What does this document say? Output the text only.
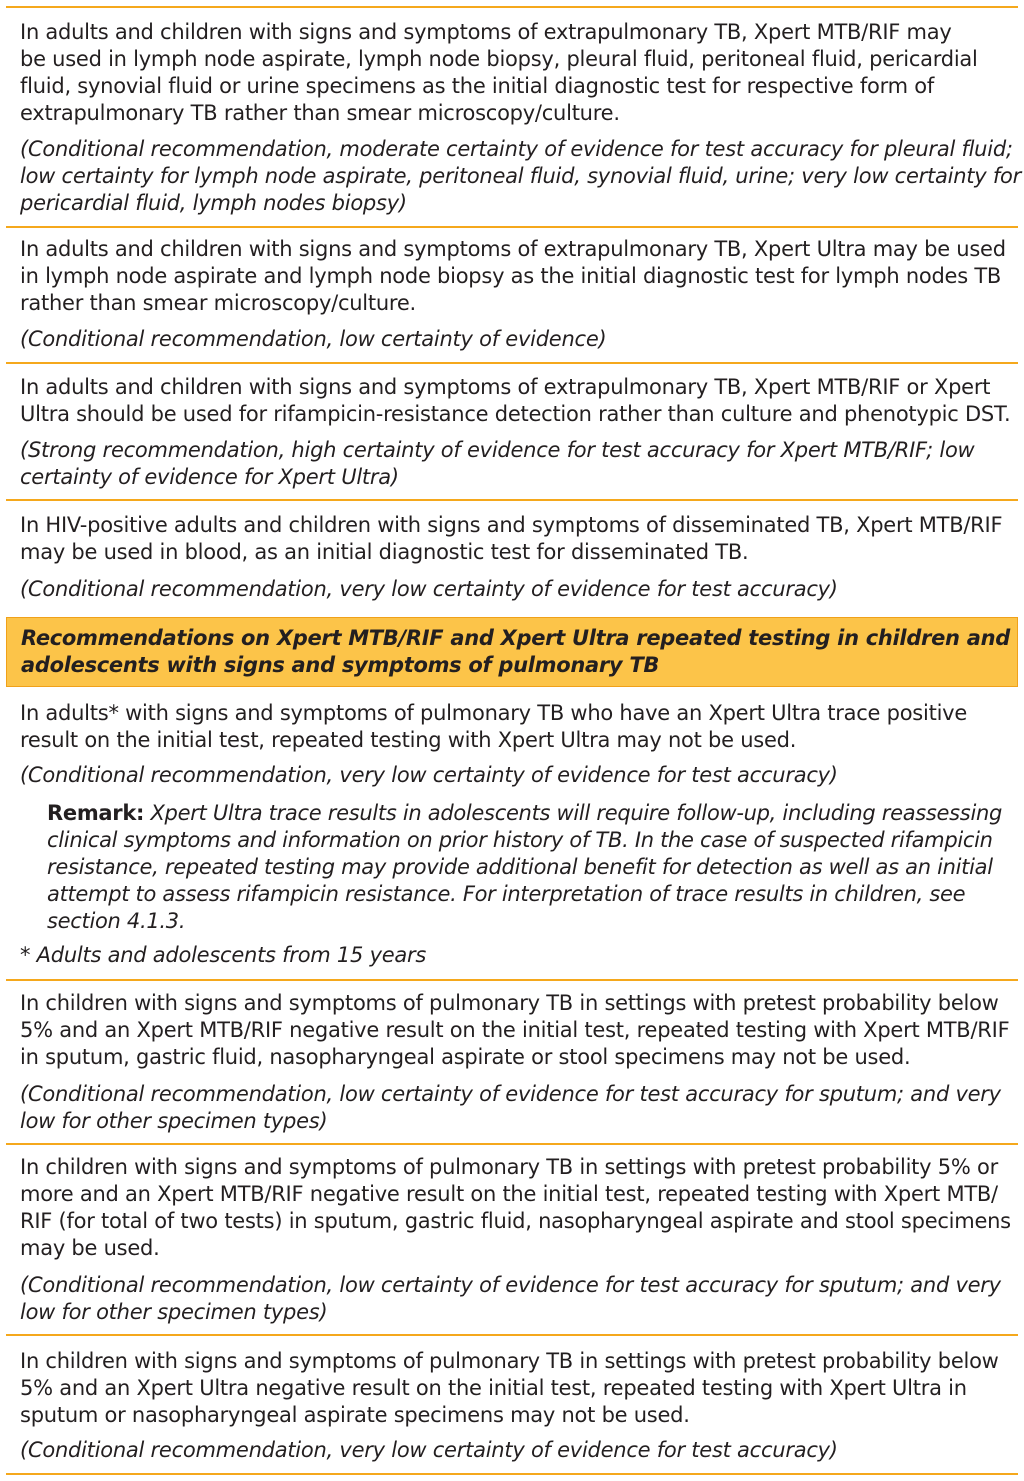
In adults and children with signs and symptoms of extrapulmonary TB, Xpert MTB/RIF may

be used in lymph node aspirate, lymph node biopsy, pleural fluid, peritoneal fluid, pericardial

fluid, synovial fluid or urine specimens as the initial diagnostic test for respective form of

extrapulmonary TB rather than smear microscopy/culture.

(Conditional recommendation, moderate certainty of evidence for test accuracy for pleural fluid;

low certainty for lymph node aspirate, peritoneal fluid, synovial fluid, urine; very low certainty for

pericardial fluid, lymph nodes biopsy)

In adults and children with signs and symptoms of extrapulmonary TB, Xpert Ultra may be used

in lymph node aspirate and lymph node biopsy as the initial diagnostic test for lymph nodes TB

rather than smear microscopy/culture.

(Conditional recommendation, low certainty of evidence)

In adults and children with signs and symptoms of extrapulmonary TB, Xpert MTB/RIF or Xpert

Ultra should be used for rifampicin-resistance detection rather than culture and phenotypic DST.

(Strong recommendation, high certainty of evidence for test accuracy for Xpert MTB/RIF; low

certainty of evidence for Xpert Ultra)

In HIV-positive adults and children with signs and symptoms of disseminated TB, Xpert MTB/RIF

may be used in blood, as an initial diagnostic test for disseminated TB.

(Conditional recommendation, very low certainty of evidence for test accuracy)

Recommendations on Xpert MTB/RIF and Xpert Ultra repeated testing in children and

adolescents with signs and symptoms of pulmonary TB

In adults* with signs and symptoms of pulmonary TB who have an Xpert Ultra trace positive

result on the initial test, repeated testing with Xpert Ultra may not be used.

(Conditional recommendation, very low certainty of evidence for test accuracy)

Remark: Xpert Ultra trace results in adolescents will require follow-up, including reassessing

clinical symptoms and information on prior history of TB. In the case of suspected rifampicin

resistance, repeated testing may provide additional benefit for detection as well as an initial

attempt to assess rifampicin resistance. For interpretation of trace results in children, see

section 4.1.3.

* Adults and adolescents from 15 years

In children with signs and symptoms of pulmonary TB in settings with pretest probability below

5% and an Xpert MTB/RIF negative result on the initial test, repeated testing with Xpert MTB/RIF

in sputum, gastric fluid, nasopharyngeal aspirate or stool specimens may not be used.

(Conditional recommendation, low certainty of evidence for test accuracy for sputum; and very

low for other specimen types)

In children with signs and symptoms of pulmonary TB in settings with pretest probability 5% or

more and an Xpert MTB/RIF negative result on the initial test, repeated testing with Xpert MTB/

RIF (for total of two tests) in sputum, gastric fluid, nasopharyngeal aspirate and stool specimens

may be used.

(Conditional recommendation, low certainty of evidence for test accuracy for sputum; and very

low for other specimen types)

In children with signs and symptoms of pulmonary TB in settings with pretest probability below

5% and an Xpert Ultra negative result on the initial test, repeated testing with Xpert Ultra in

sputum or nasopharyngeal aspirate specimens may not be used.

(Conditional recommendation, very low certainty of evidence for test accuracy)
